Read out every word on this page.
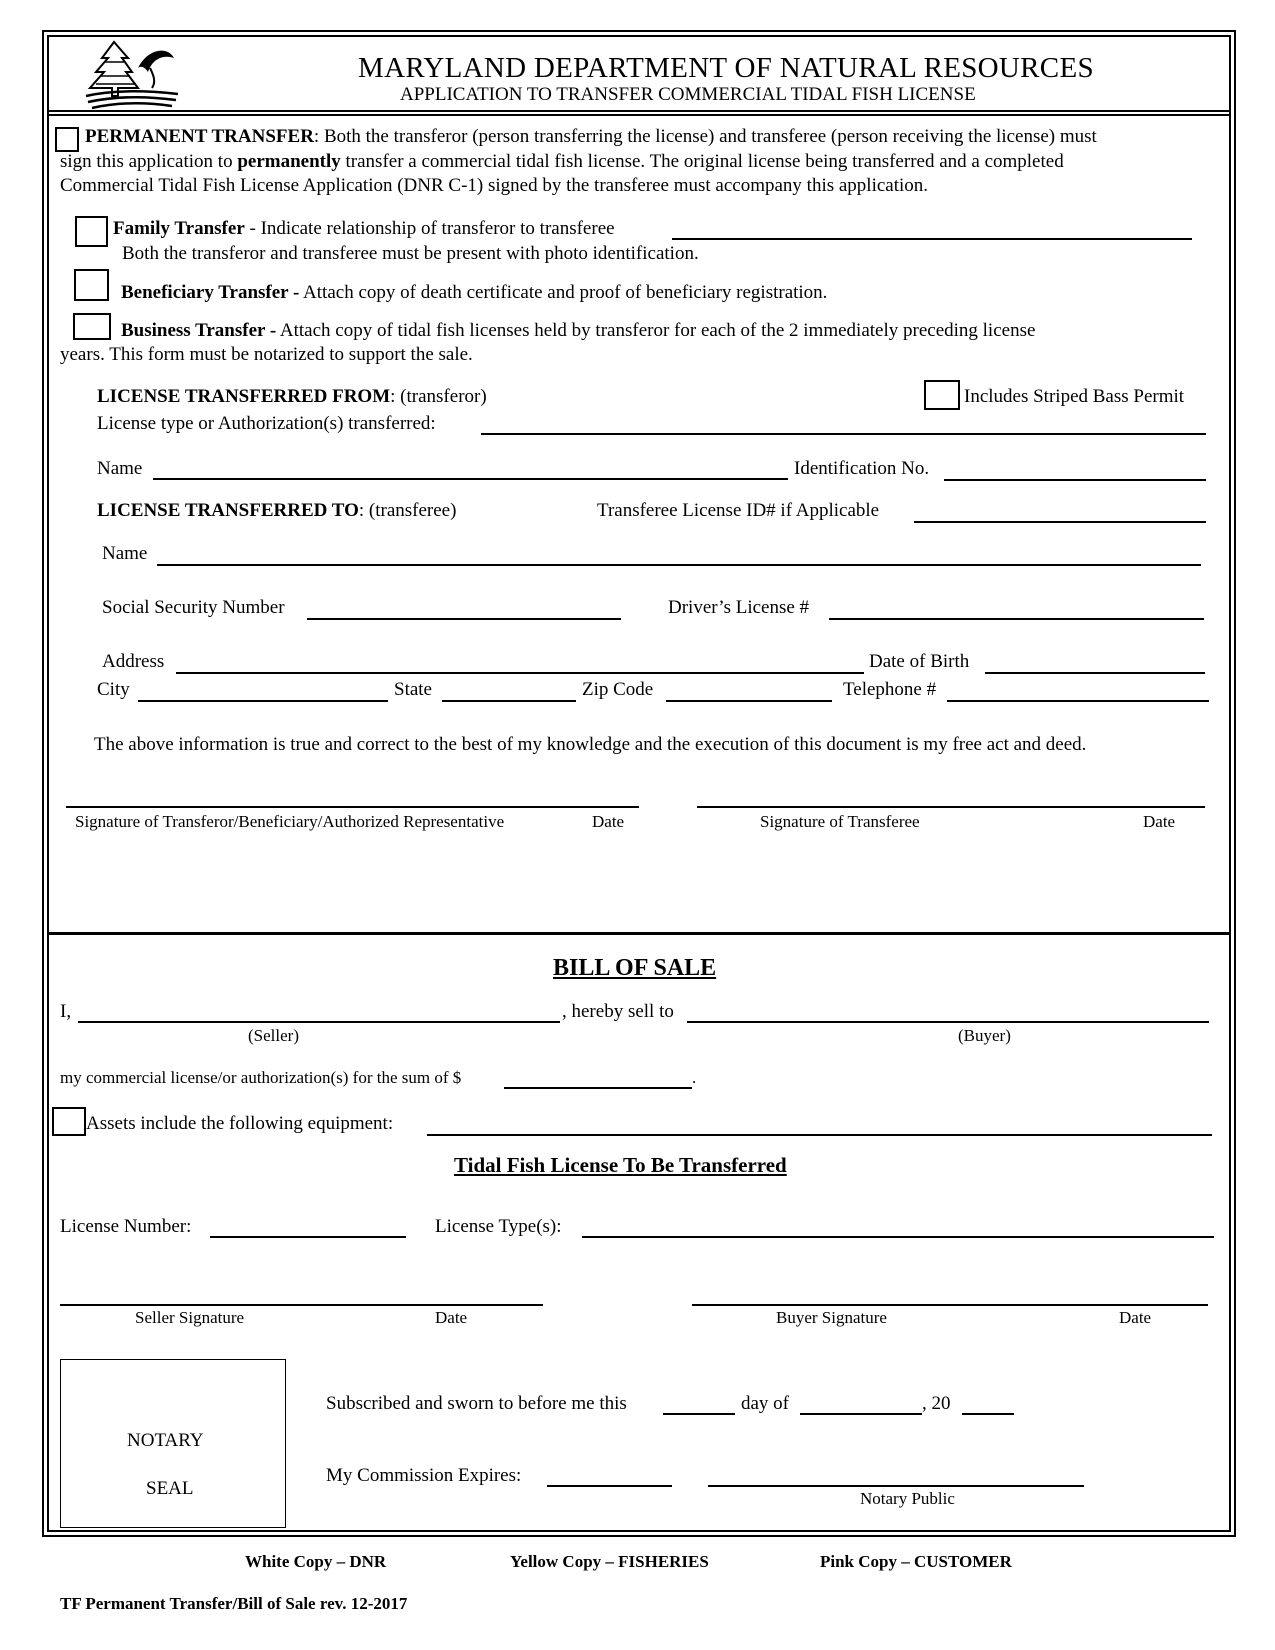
MARYLAND DEPARTMENT OF NATURAL RESOURCES
APPLICATION TO TRANSFER COMMERCIAL TIDAL FISH LICENSE
PERMANENT TRANSFER: Both the transferor (person transferring the license) and transferee (person receiving the license) must
sign this application to permanently transfer a commercial tidal fish license. The original license being transferred and a completed
Commercial Tidal Fish License Application (DNR C-1) signed by the transferee must accompany this application.
Family Transfer - Indicate relationship of transferor to transferee
Both the transferor and transferee must be present with photo identification.
Beneficiary Transfer - Attach copy of death certificate and proof of beneficiary registration.
Business Transfer - Attach copy of tidal fish licenses held by transferor for each of the 2 immediately preceding license
years. This form must be notarized to support the sale.
LICENSE TRANSFERRED FROM: (transferor)	Includes Striped Bass Permit
License type or Authorization(s) transferred:
Name	Identification No.
LICENSE TRANSFERRED TO: (transferee)	Transferee License ID# if Applicable
Name
Social Security Number	Driver’s License #
Address	Date of Birth
City	State	Zip Code	Telephone #
The above information is true and correct to the best of my knowledge and the execution of this document is my free act and deed.
Signature of Transferor/Beneficiary/Authorized Representative	Date	Signature of Transferee	Date
BILL OF SALE
I,	, hereby sell to
(Seller)	(Buyer)
my commercial license/or authorization(s) for the sum of $	.
Assets include the following equipment:
Tidal Fish License To Be Transferred
License Number:	License Type(s):
Seller Signature	Date	Buyer Signature	Date
NOTARY
SEAL
Subscribed and sworn to before me this	day of	, 20
My Commission Expires:
Notary Public
White Copy – DNR	Yellow Copy – FISHERIES	Pink Copy – CUSTOMER
TF Permanent Transfer/Bill of Sale rev. 12-2017
